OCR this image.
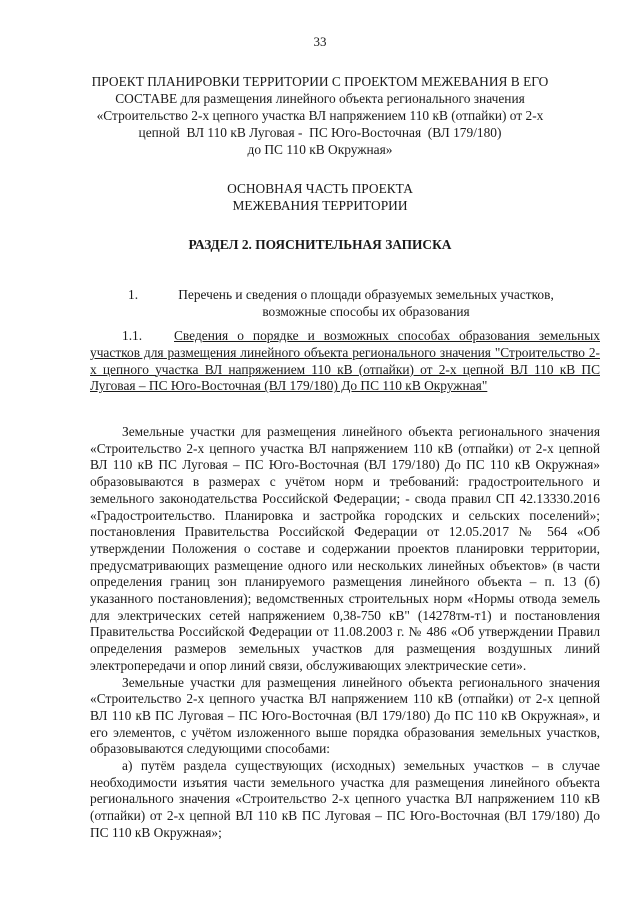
33
ПРОЕКТ ПЛАНИРОВКИ ТЕРРИТОРИИ С ПРОЕКТОМ МЕЖЕВАНИЯ В ЕГО
СОСТАВЕ для размещения линейного объекта регионального значения
«Строительство 2-х цепного участка ВЛ напряжением 110 кВ (отпайки) от 2-х
цепной  ВЛ 110 кВ Луговая -  ПС Юго-Восточная  (ВЛ 179/180)
до ПС 110 кВ Окружная»
ОСНОВНАЯ ЧАСТЬ ПРОЕКТА
МЕЖЕВАНИЯ ТЕРРИТОРИИ
РАЗДЕЛ 2. ПОЯСНИТЕЛЬНАЯ ЗАПИСКА
1.	Перечень и сведения о площади образуемых земельных участков,
возможные способы их образования
1.1. Сведения о порядке и возможных способах образования земельных участков для размещения линейного объекта регионального значения "Строительство 2-х цепного участка ВЛ напряжением 110 кВ (отпайки) от 2-х цепной ВЛ 110 кВ ПС Луговая – ПС Юго-Восточная (ВЛ 179/180) До ПС 110 кВ Окружная"

Земельные участки для размещения линейного объекта регионального значения «Строительство 2-х цепного участка ВЛ напряжением 110 кВ (отпайки) от 2-х цепной ВЛ 110 кВ ПС Луговая – ПС Юго-Восточная (ВЛ 179/180) До ПС 110 кВ Окружная» образовываются в размерах с учётом норм и требований: градостроительного и земельного законодательства Российской Федерации; - свода правил СП 42.13330.2016 «Градостроительство. Планировка и застройка городских и сельских поселений»; постановления Правительства Российской Федерации от 12.05.2017 № 564 «Об утверждении Положения о составе и содержании проектов планировки территории, предусматривающих размещение одного или нескольких линейных объектов» (в части определения границ зон планируемого размещения линейного объекта – п. 13 (б) указанного постановления); ведомственных строительных норм «Нормы отвода земель для электрических сетей напряжением 0,38-750 кВ" (14278тм-т1) и постановления Правительства Российской Федерации от 11.08.2003 г. № 486 «Об утверждении Правил определения размеров земельных участков для размещения воздушных линий электропередачи и опор линий связи, обслуживающих электрические сети».

Земельные участки для размещения линейного объекта регионального значения «Строительство 2-х цепного участка ВЛ напряжением 110 кВ (отпайки) от 2-х цепной ВЛ 110 кВ ПС Луговая – ПС Юго-Восточная (ВЛ 179/180) До ПС 110 кВ Окружная», и его элементов, с учётом изложенного выше порядка образования земельных участков, образовываются следующими способами:

а) путём раздела существующих (исходных) земельных участков – в случае необходимости изъятия части земельного участка для размещения линейного объекта регионального значения «Строительство 2-х цепного участка ВЛ напряжением 110 кВ (отпайки) от 2-х цепной ВЛ 110 кВ ПС Луговая – ПС Юго-Восточная (ВЛ 179/180) До ПС 110 кВ Окружная»;
